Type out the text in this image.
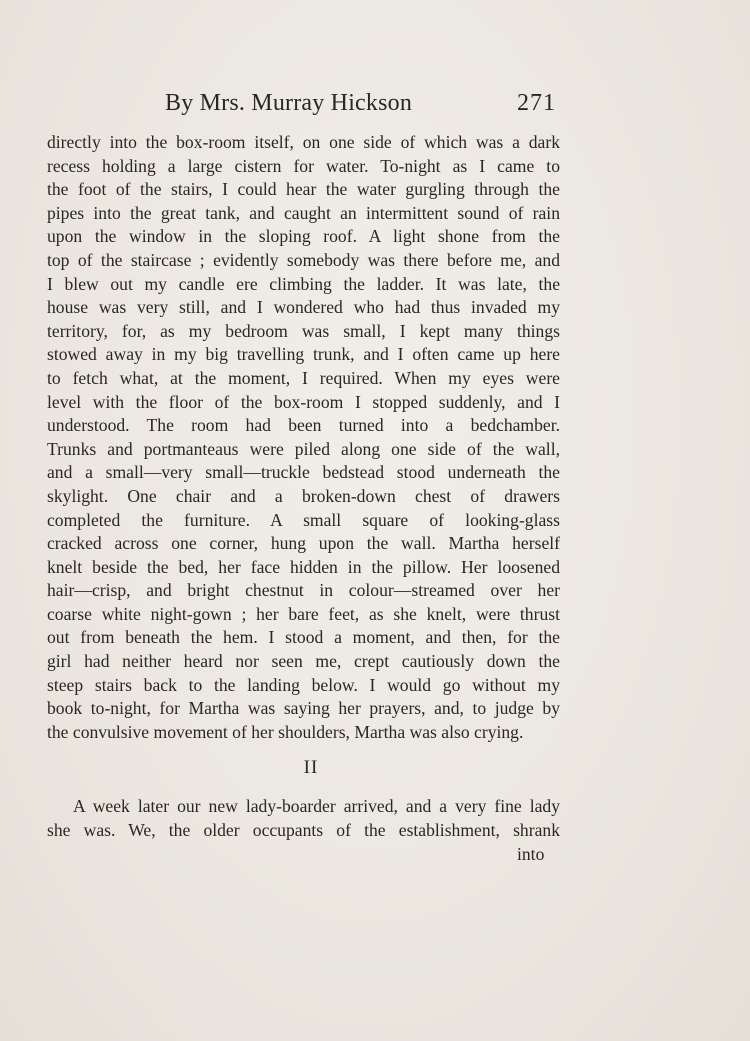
By Mrs. Murray Hickson	271
directly into the box-room itself, on one side of which was a dark
recess holding a large cistern for water. To-night as I came to
the foot of the stairs, I could hear the water gurgling through the
pipes into the great tank, and caught an intermittent sound of rain
upon the window in the sloping roof. A light shone from the
top of the staircase ; evidently somebody was there before me, and
I blew out my candle ere climbing the ladder. It was late, the
house was very still, and I wondered who had thus invaded my
territory, for, as my bedroom was small, I kept many things
stowed away in my big travelling trunk, and I often came up here
to fetch what, at the moment, I required. When my eyes were
level with the floor of the box-room I stopped suddenly, and I
understood. The room had been turned into a bedchamber.
Trunks and portmanteaus were piled along one side of the wall,
and a small—very small—truckle bedstead stood underneath the
skylight. One chair and a broken-down chest of drawers
completed the furniture. A small square of looking-glass
cracked across one corner, hung upon the wall. Martha herself
knelt beside the bed, her face hidden in the pillow. Her loosened
hair—crisp, and bright chestnut in colour—streamed over her
coarse white night-gown ; her bare feet, as she knelt, were thrust
out from beneath the hem. I stood a moment, and then, for the
girl had neither heard nor seen me, crept cautiously down the
steep stairs back to the landing below. I would go without my
book to-night, for Martha was saying her prayers, and, to judge by
the convulsive movement of her shoulders, Martha was also crying.
II
A week later our new lady-boarder arrived, and a very fine lady
she was. We, the older occupants of the establishment, shrank
into
